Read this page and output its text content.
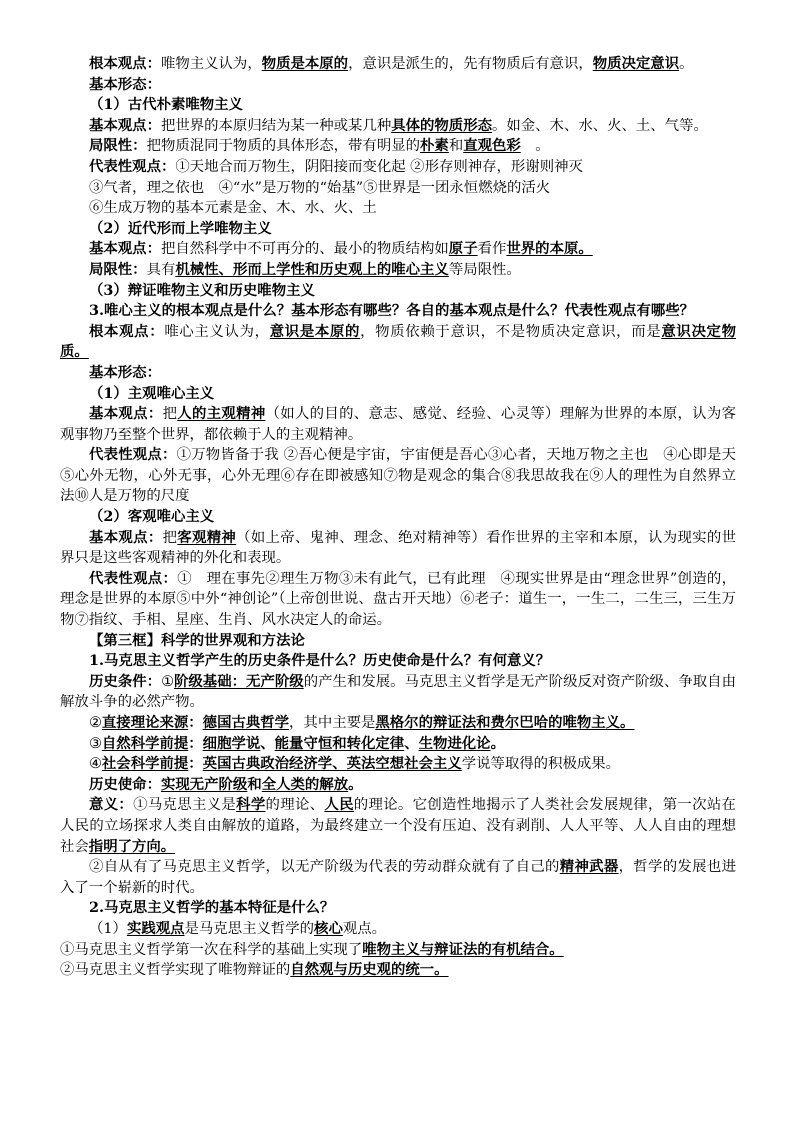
根本观点：唯物主义认为，物质是本原的，意识是派生的，先有物质后有意识，物质决定意识。

基本形态：

（1）古代朴素唯物主义

基本观点：把世界的本原归结为某一种或某几种具体的物质形态。如金、木、水、火、土、气等。

局限性：把物质混同于物质的具体形态，带有明显的朴素和直观色彩　。

代表性观点：①天地合而万物生，阴阳接而变化起 ②形存则神存，形谢则神灭

③气者，理之依也　④“水”是万物的“始基”⑤世界是一团永恒燃烧的活火

⑥生成万物的基本元素是金、木、水、火、土

（2）近代形而上学唯物主义

基本观点：把自然科学中不可再分的、最小的物质结构如原子看作世界的本原。

局限性：具有机械性、形而上学性和历史观上的唯心主义等局限性。

（3）辩证唯物主义和历史唯物主义

3.唯心主义的根本观点是什么？基本形态有哪些？各自的基本观点是什么？代表性观点有哪些？

根本观点：唯心主义认为，意识是本原的，物质依赖于意识，不是物质决定意识，而是意识决定物质。

基本形态：

（1）主观唯心主义

基本观点：把人的主观精神（如人的目的、意志、感觉、经验、心灵等）理解为世界的本原，认为客观事物乃至整个世界，都依赖于人的主观精神。

代表性观点：①万物皆备于我 ②吾心便是宇宙，宇宙便是吾心③心者，天地万物之主也　④心即是天⑤心外无物，心外无事，心外无理⑥存在即被感知⑦物是观念的集合⑧我思故我在⑨人的理性为自然界立法⑩人是万物的尺度

（2）客观唯心主义

基本观点：把客观精神（如上帝、鬼神、理念、绝对精神等）看作世界的主宰和本原，认为现实的世界只是这些客观精神的外化和表现。

代表性观点：①　理在事先②理生万物③未有此气，已有此理　④现实世界是由“理念世界”创造的，理念是世界的本原⑤中外“神创论”（上帝创世说、盘古开天地）⑥老子：道生一，一生二，二生三，三生万物⑦指纹、手相、星座、生肖、风水决定人的命运。

【第三框】科学的世界观和方法论

1.马克思主义哲学产生的历史条件是什么？历史使命是什么？有何意义？

历史条件：①阶级基础：无产阶级的产生和发展。马克思主义哲学是无产阶级反对资产阶级、争取自由解放斗争的必然产物。

②直接理论来源：德国古典哲学，其中主要是黑格尔的辩证法和费尔巴哈的唯物主义。

③自然科学前提：细胞学说、能量守恒和转化定律、生物进化论。

④社会科学前提：英国古典政治经济学、英法空想社会主义学说等取得的积极成果。

历史使命：实现无产阶级和全人类的解放。

意义：①马克思主义是科学的理论、人民的理论。它创造性地揭示了人类社会发展规律，第一次站在人民的立场探求人类自由解放的道路，为最终建立一个没有压迫、没有剥削、人人平等、人人自由的理想社会指明了方向。

②自从有了马克思主义哲学，以无产阶级为代表的劳动群众就有了自己的精神武器，哲学的发展也进入了一个崭新的时代。

2.马克思主义哲学的基本特征是什么？

（1）实践观点是马克思主义哲学的核心观点。

①马克思主义哲学第一次在科学的基础上实现了唯物主义与辩证法的有机结合。

②马克思主义哲学实现了唯物辩证的自然观与历史观的统一。
